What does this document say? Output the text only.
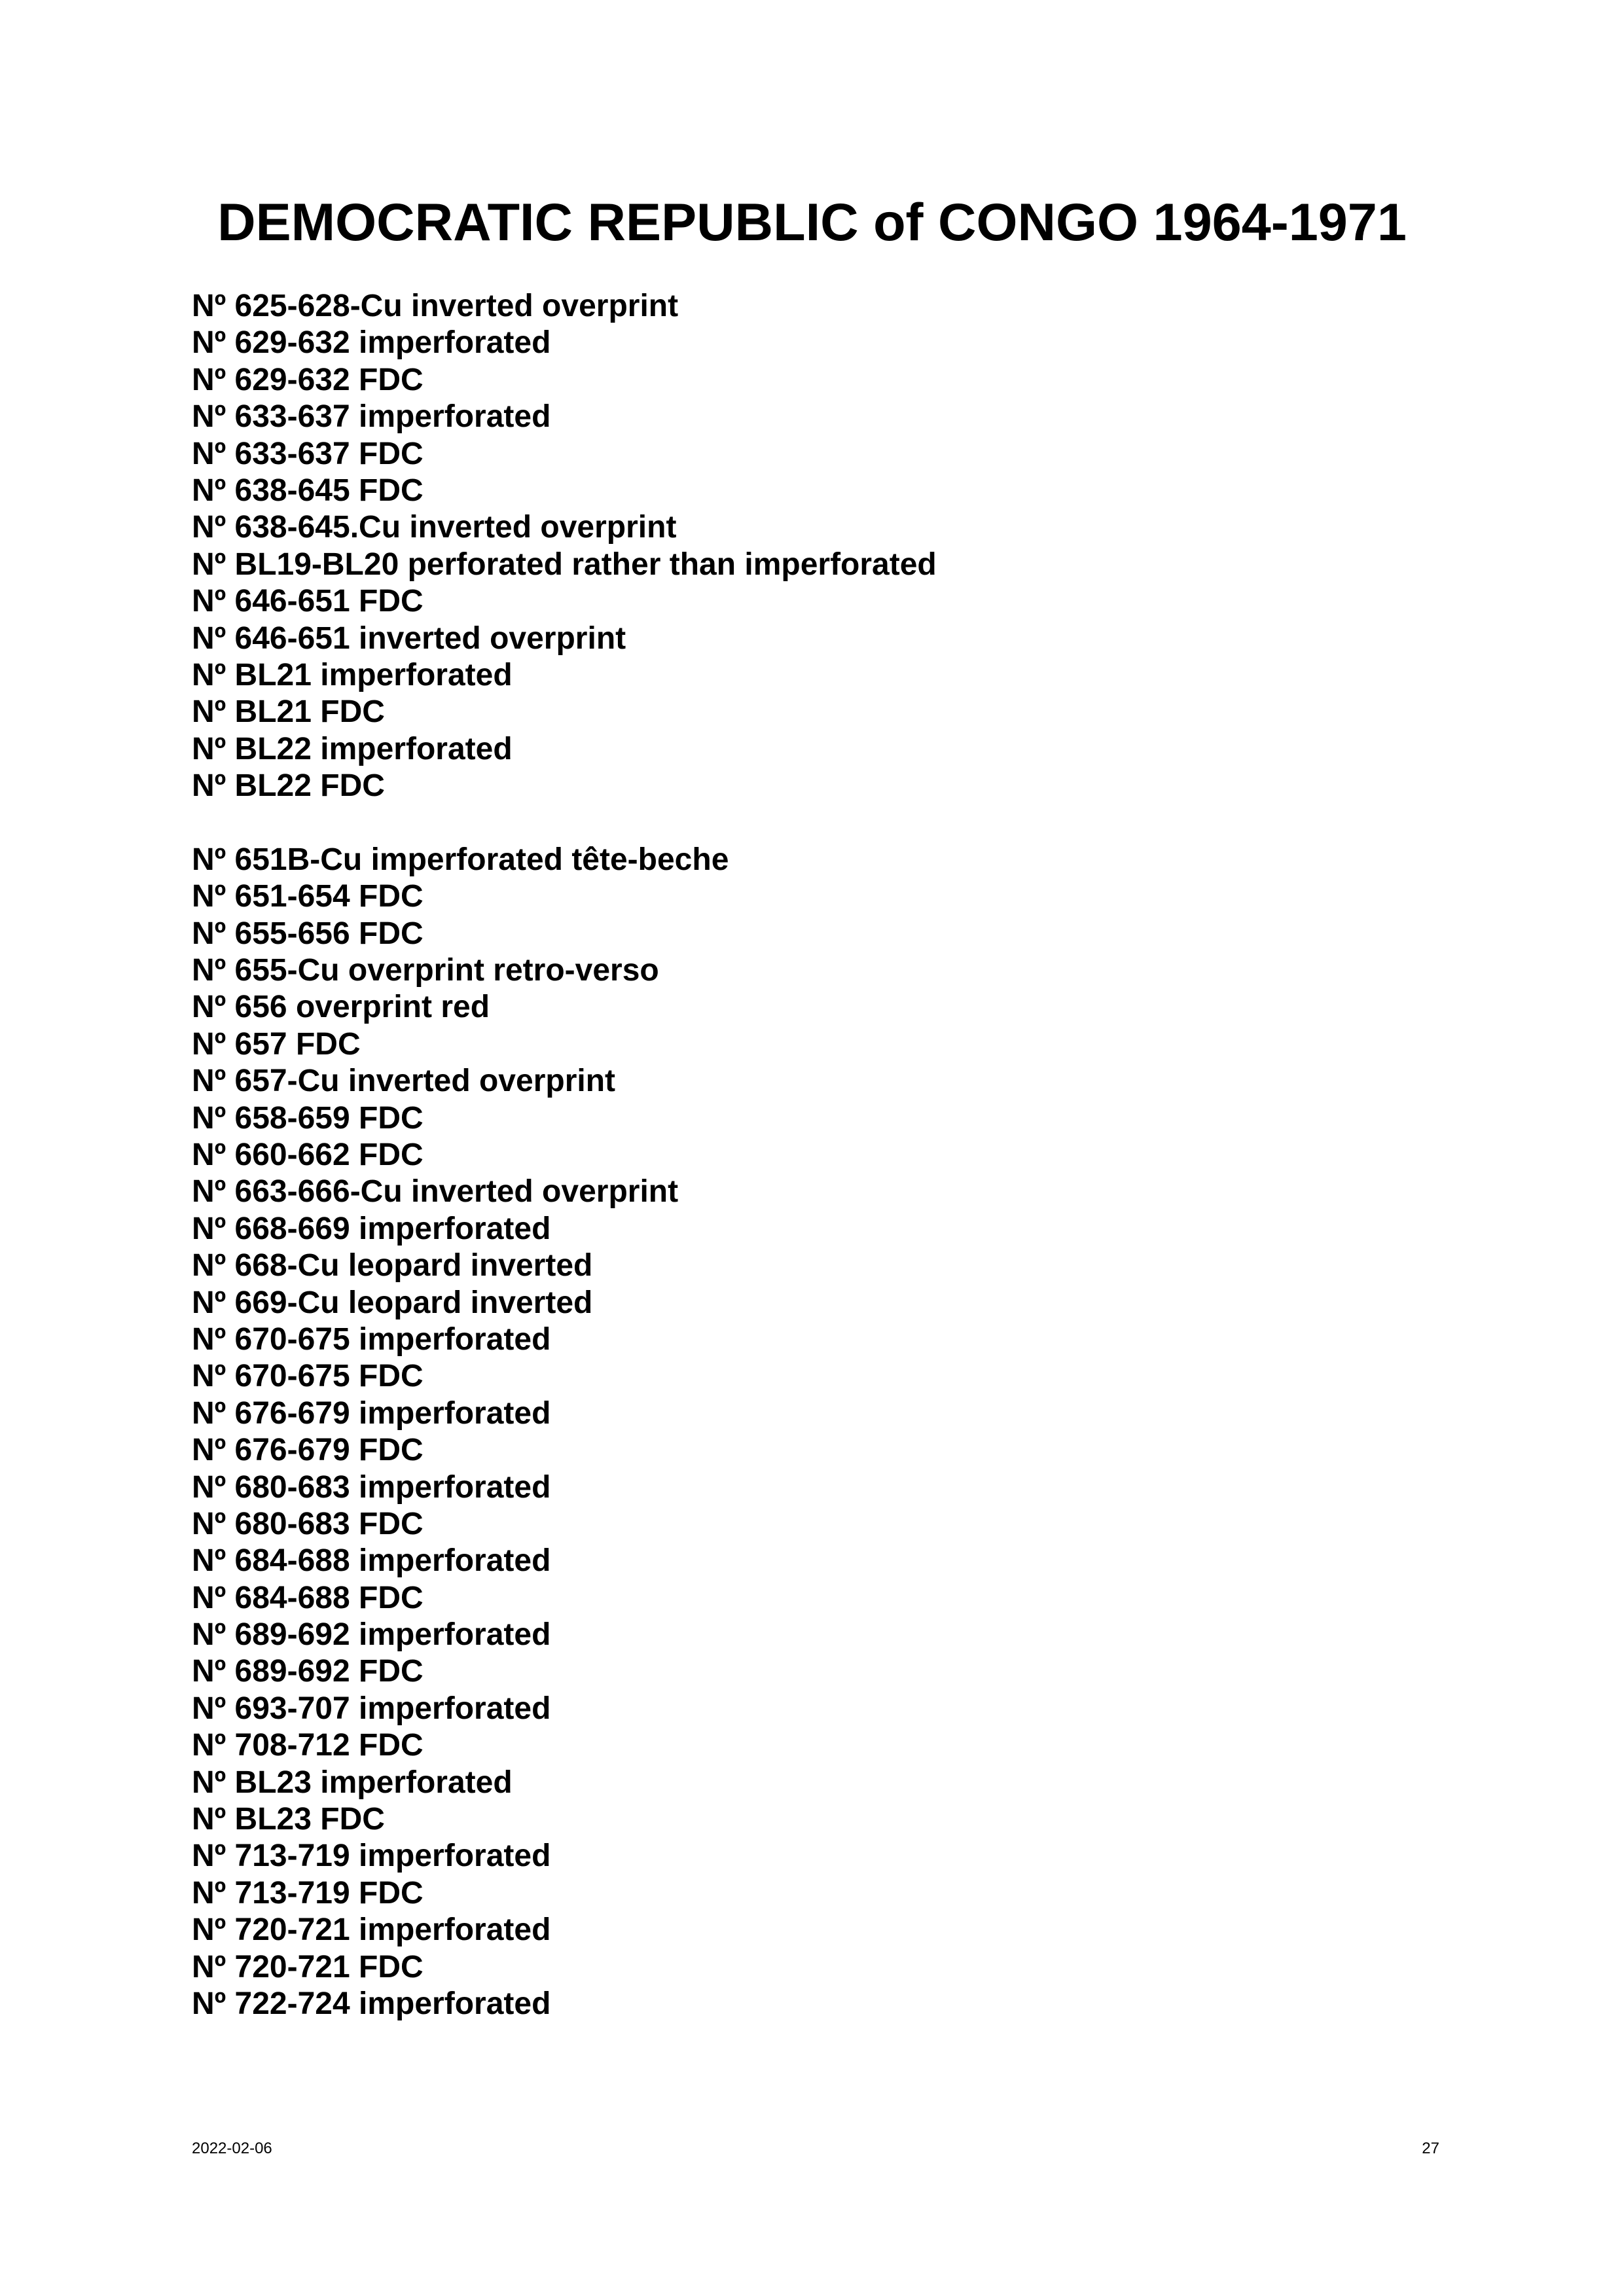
DEMOCRATIC REPUBLIC of CONGO 1964-1971
Nº 625-628-Cu inverted overprint
Nº 629-632 imperforated
Nº 629-632 FDC
Nº 633-637 imperforated
Nº 633-637 FDC
Nº 638-645 FDC
Nº 638-645.Cu inverted overprint
Nº BL19-BL20 perforated rather than imperforated
Nº 646-651 FDC
Nº 646-651 inverted overprint
Nº BL21 imperforated
Nº BL21 FDC
Nº BL22 imperforated
Nº BL22 FDC
Nº 651B-Cu imperforated tête-beche
Nº 651-654 FDC
Nº 655-656 FDC
Nº 655-Cu overprint retro-verso
Nº 656 overprint red
Nº 657 FDC
Nº 657-Cu inverted overprint
Nº 658-659 FDC
Nº 660-662 FDC
Nº 663-666-Cu inverted overprint
Nº 668-669 imperforated
Nº 668-Cu leopard inverted
Nº 669-Cu leopard inverted
Nº 670-675 imperforated
Nº 670-675 FDC
Nº 676-679 imperforated
Nº 676-679 FDC
Nº 680-683 imperforated
Nº 680-683 FDC
Nº 684-688 imperforated
Nº 684-688 FDC
Nº 689-692 imperforated
Nº 689-692 FDC
Nº 693-707 imperforated
Nº 708-712 FDC
Nº BL23 imperforated
Nº BL23 FDC
Nº 713-719 imperforated
Nº 713-719 FDC
Nº 720-721 imperforated
Nº 720-721 FDC
Nº 722-724 imperforated
2022-02-06	27
